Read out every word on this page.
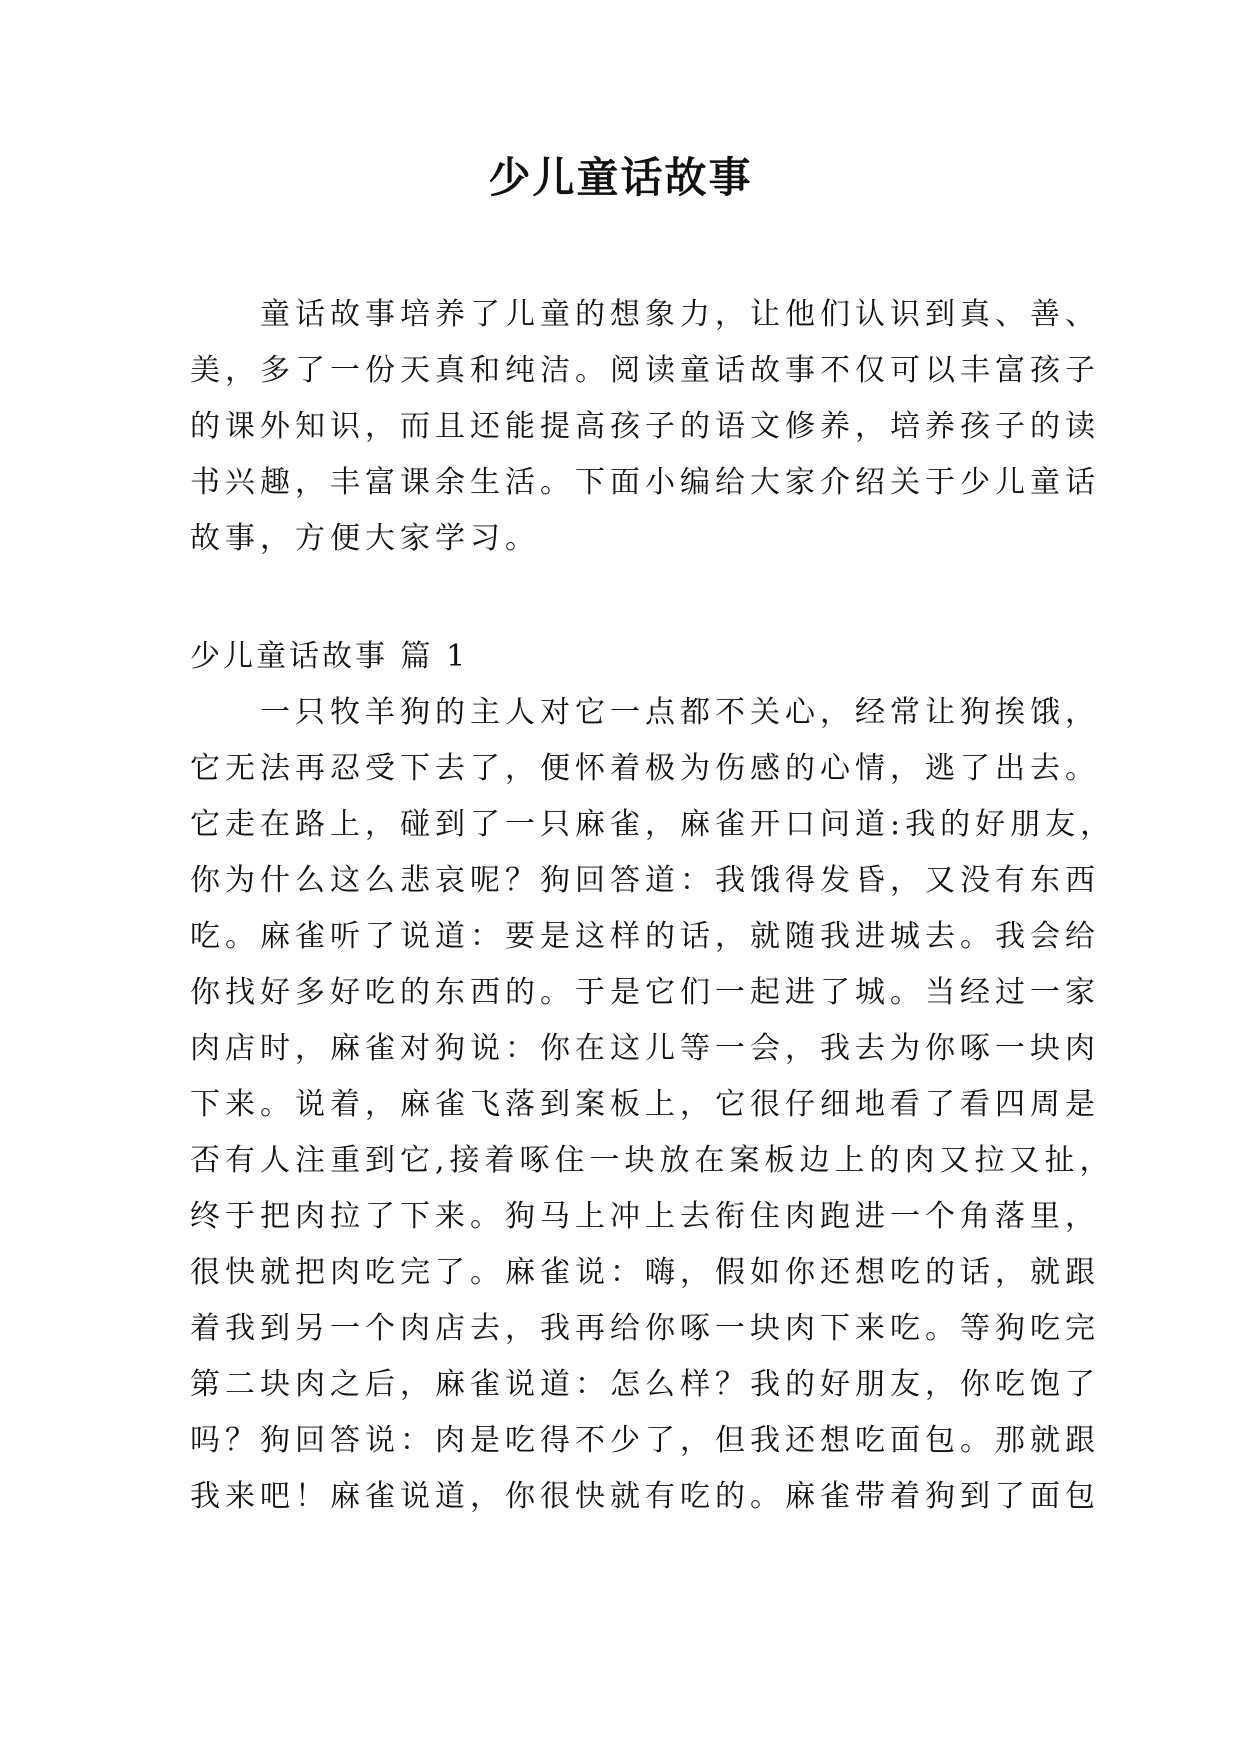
少儿童话故事
童话故事培养了儿童的想象力，让他们认识到真、善、
美，多了一份天真和纯洁。阅读童话故事不仅可以丰富孩子
的课外知识，而且还能提高孩子的语文修养，培养孩子的读
书兴趣，丰富课余生活。下面小编给大家介绍关于少儿童话
故事，方便大家学习。
少儿童话故事 篇 1
一只牧羊狗的主人对它一点都不关心，经常让狗挨饿，
它无法再忍受下去了，便怀着极为伤感的心情，逃了出去。
它走在路上，碰到了一只麻雀，麻雀开口问道:我的好朋友，
你为什么这么悲哀呢？狗回答道：我饿得发昏，又没有东西
吃。麻雀听了说道：要是这样的话，就随我进城去。我会给
你找好多好吃的东西的。于是它们一起进了城。当经过一家
肉店时，麻雀对狗说：你在这儿等一会，我去为你啄一块肉
下来。说着，麻雀飞落到案板上，它很仔细地看了看四周是
否有人注重到它,接着啄住一块放在案板边上的肉又拉又扯，
终于把肉拉了下来。狗马上冲上去衔住肉跑进一个角落里，
很快就把肉吃完了。麻雀说：嗨，假如你还想吃的话，就跟
着我到另一个肉店去，我再给你啄一块肉下来吃。等狗吃完
第二块肉之后，麻雀说道：怎么样？我的好朋友，你吃饱了
吗？狗回答说：肉是吃得不少了，但我还想吃面包。那就跟
我来吧！麻雀说道，你很快就有吃的。麻雀带着狗到了面包
